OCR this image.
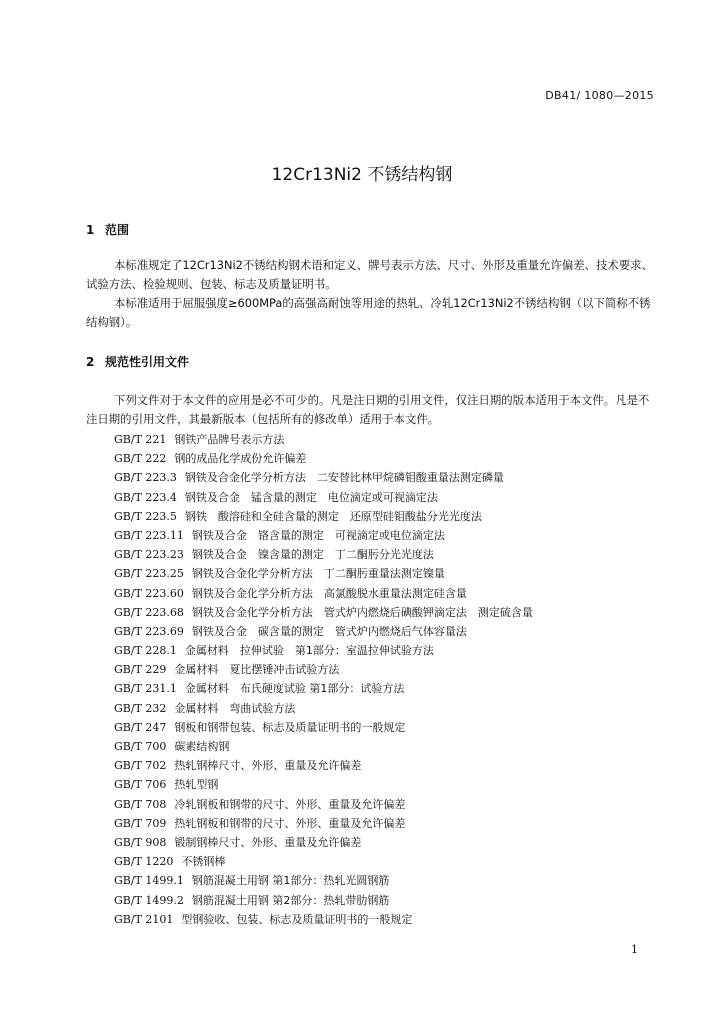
DB41/ 1080—2015
12Cr13Ni2 不锈结构钢
1 范围
本标准规定了12Cr13Ni2不锈结构钢术语和定义、牌号表示方法、尺寸、外形及重量允许偏差、技术要求、试验方法、检验规则、包装、标志及质量证明书。
本标准适用于屈服强度≥600MPa的高强高耐蚀等用途的热轧、冷轧12Cr13Ni2不锈结构钢（以下简称不锈结构钢）。
2 规范性引用文件
下列文件对于本文件的应用是必不可少的。凡是注日期的引用文件，仅注日期的版本适用于本文件。凡是不注日期的引用文件，其最新版本（包括所有的修改单）适用于本文件。
GB/T 221 钢铁产品牌号表示方法
GB/T 222 钢的成品化学成份允许偏差
GB/T 223.3 钢铁及合金化学分析方法　二安替比林甲烷磷钼酸重量法测定磷量
GB/T 223.4 钢铁及合金　锰含量的测定　电位滴定或可视滴定法
GB/T 223.5 钢铁　酸溶硅和全硅含量的测定　还原型硅钼酸盐分光光度法
GB/T 223.11 钢铁及合金　铬含量的测定　可视滴定或电位滴定法
GB/T 223.23 钢铁及合金　镍含量的测定　丁二酮肟分光光度法
GB/T 223.25 钢铁及合金化学分析方法　丁二酮肟重量法测定镍量
GB/T 223.60 钢铁及合金化学分析方法　高氯酸脱水重量法测定硅含量
GB/T 223.68 钢铁及合金化学分析方法　管式炉内燃烧后碘酸钾滴定法　测定硫含量
GB/T 223.69 钢铁及合金　碳含量的测定　管式炉内燃烧后气体容量法
GB/T 228.1 金属材料　拉伸试验　第1部分：室温拉伸试验方法
GB/T 229 金属材料　夏比摆锤冲击试验方法
GB/T 231.1 金属材料　布氏硬度试验 第1部分：试验方法
GB/T 232 金属材料　弯曲试验方法
GB/T 247 钢板和钢带包装、标志及质量证明书的一般规定
GB/T 700 碳素结构钢
GB/T 702 热轧钢棒尺寸、外形、重量及允许偏差
GB/T 706 热轧型钢
GB/T 708 冷轧钢板和钢带的尺寸、外形、重量及允许偏差
GB/T 709 热轧钢板和钢带的尺寸、外形、重量及允许偏差
GB/T 908 锻制钢棒尺寸、外形、重量及允许偏差
GB/T 1220 不锈钢棒
GB/T 1499.1 钢筋混凝土用钢 第1部分：热轧光圆钢筋
GB/T 1499.2 钢筋混凝土用钢 第2部分：热轧带肋钢筋
GB/T 2101 型钢验收、包装、标志及质量证明书的一般规定
1
